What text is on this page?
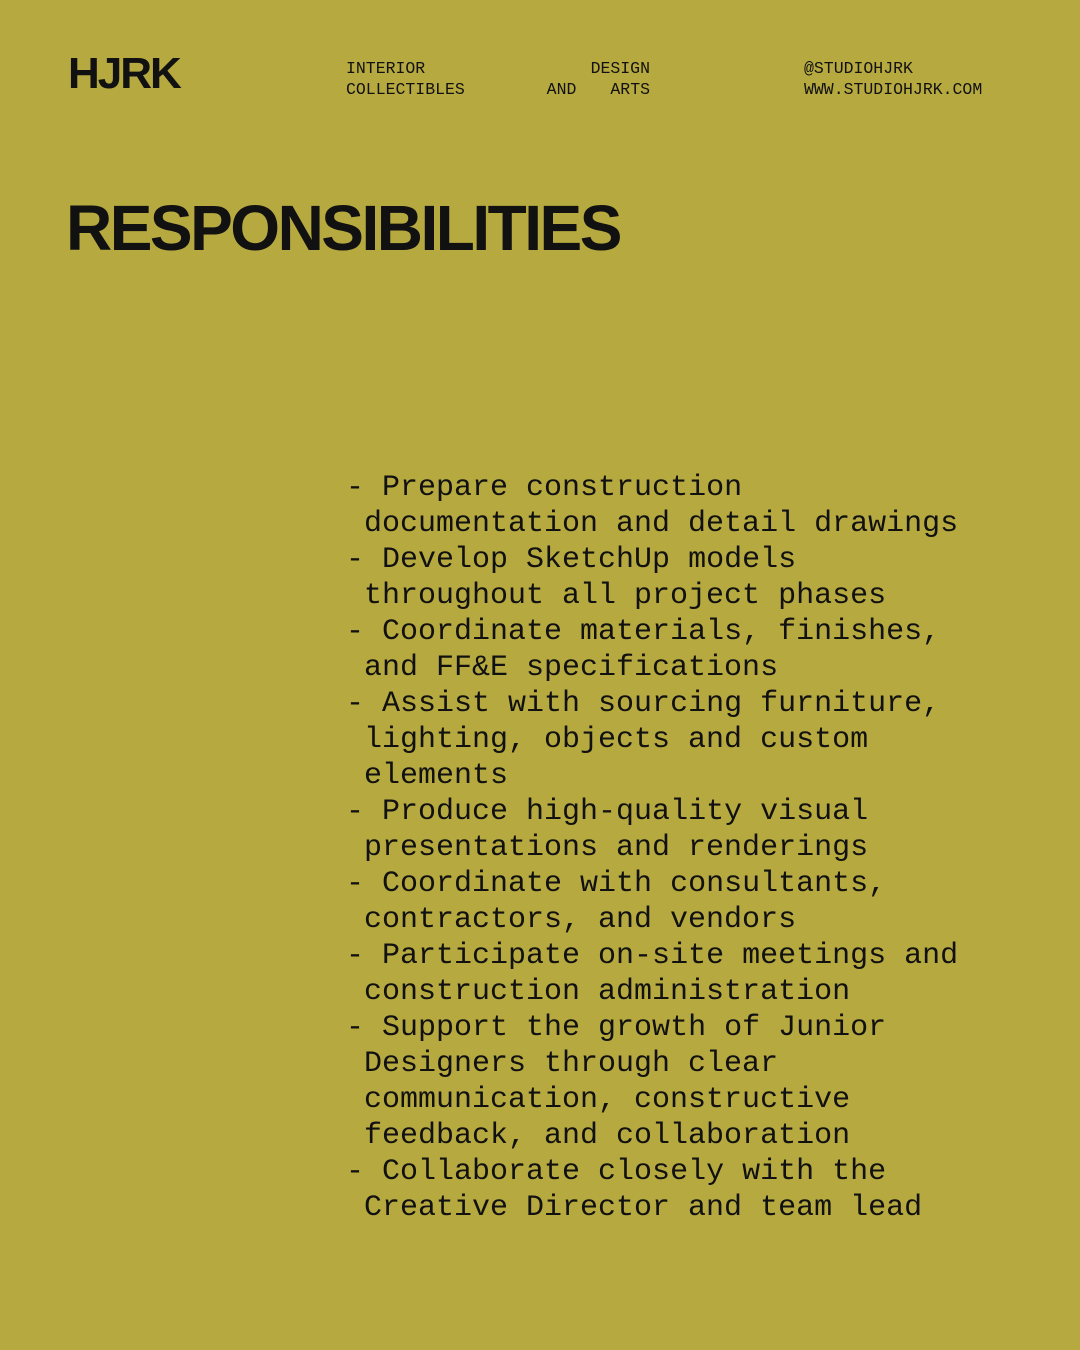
HJRK	INTERIOR	DESIGN
COLLECTIBLES	AND ARTS
@STUDIOHJRK
WWW.STUDIOHJRK.COM
RESPONSIBILITIES
- Prepare construction documentation and detail drawings
- Develop SketchUp models throughout all project phases
- Coordinate materials, finishes, and FF&E specifications
- Assist with sourcing furniture, lighting, objects and custom elements
- Produce high-quality visual presentations and renderings
- Coordinate with consultants, contractors, and vendors
- Participate on-site meetings and construction administration
- Support the growth of Junior Designers through clear communication, constructive feedback, and collaboration
- Collaborate closely with the Creative Director and team lead
